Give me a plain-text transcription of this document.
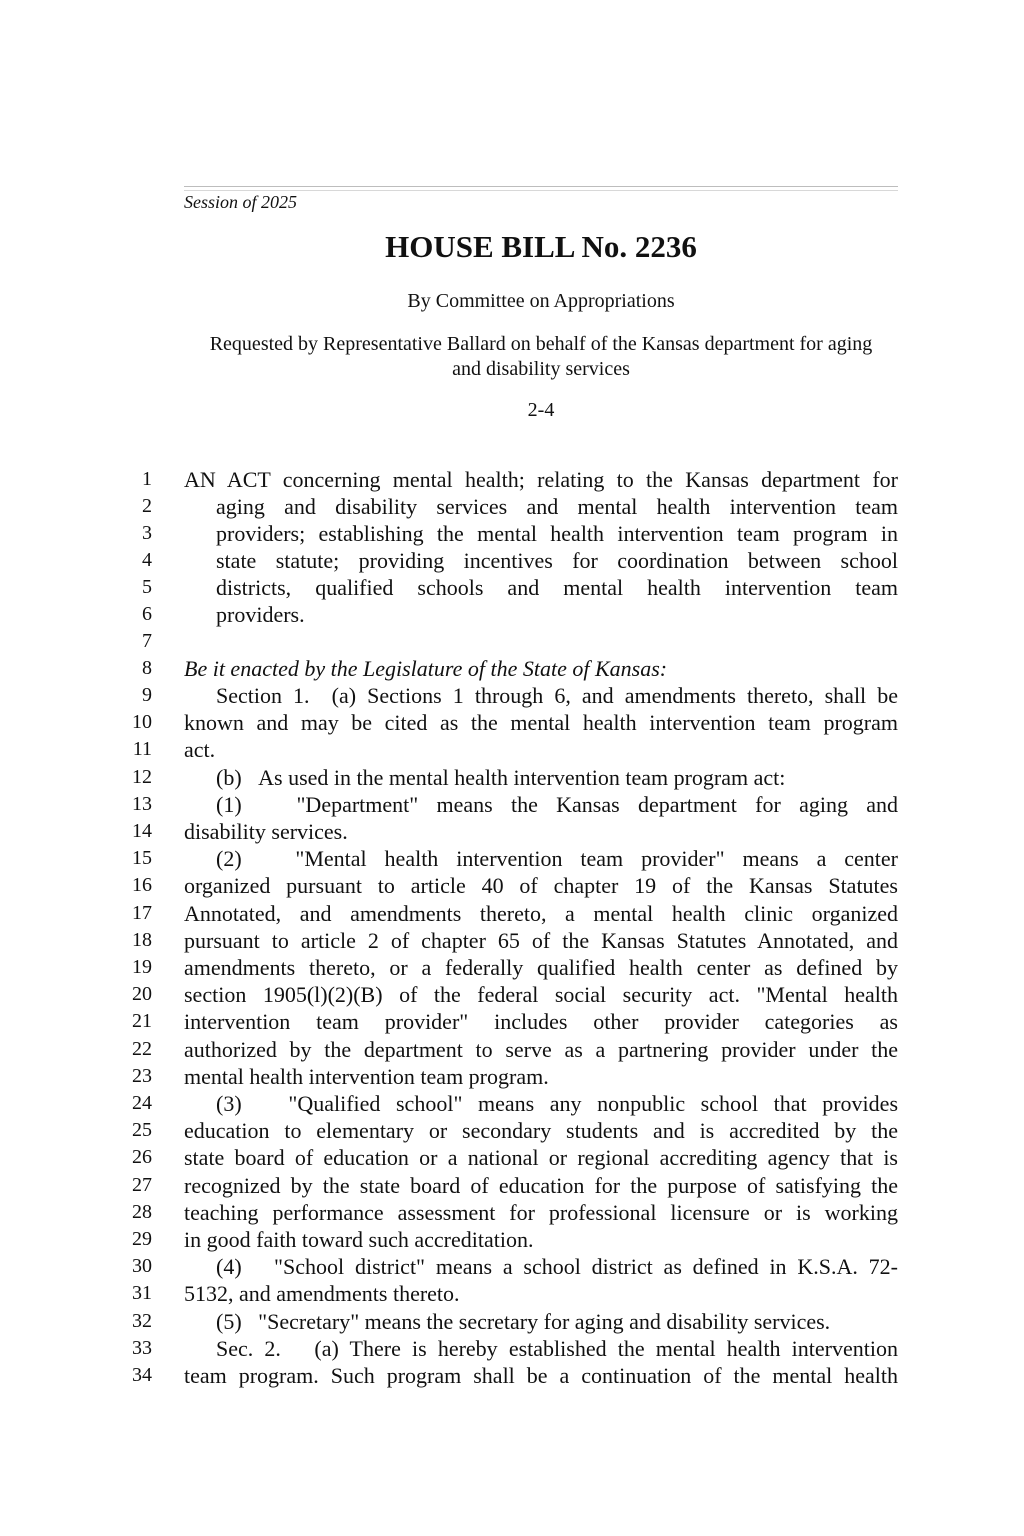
Session of 2025
HOUSE BILL No. 2236
By Committee on Appropriations
Requested by Representative Ballard on behalf of the Kansas department for aging
and disability services
2-4
1
2
3
4
5
6
7
8
9
10
11
12
13
14
15
16
17
18
19
20
21
22
23
24
25
26
27
28
29
30
31
32
33
34
AN ACT concerning mental health; relating to the Kansas department for
aging and disability services and mental health intervention team
providers; establishing the mental health intervention team program in
state statute; providing incentives for coordination between school
districts, qualified schools and mental health intervention team
providers.
Be it enacted by the Legislature of the State of Kansas:
Section 1.  (a) Sections 1 through 6, and amendments thereto, shall be
known and may be cited as the mental health intervention team program
act.
(b)   As used in the mental health intervention team program act:
(1)   "Department" means the Kansas department for aging and
disability services.
(2)   "Mental health intervention team provider" means a center
organized pursuant to article 40 of chapter 19 of the Kansas Statutes
Annotated, and amendments thereto, a mental health clinic organized
pursuant to article 2 of chapter 65 of the Kansas Statutes Annotated, and
amendments thereto, or a federally qualified health center as defined by
section 1905(l)(2)(B) of the federal social security act. "Mental health
intervention team provider" includes other provider categories as
authorized by the department to serve as a partnering provider under the
mental health intervention team program.
(3)   "Qualified school" means any nonpublic school that provides
education to elementary or secondary students and is accredited by the
state board of education or a national or regional accrediting agency that is
recognized by the state board of education for the purpose of satisfying the
teaching performance assessment for professional licensure or is working
in good faith toward such accreditation.
(4)   "School district" means a school district as defined in K.S.A. 72-
5132, and amendments thereto.
(5)   "Secretary" means the secretary for aging and disability services.
Sec. 2.   (a) There is hereby established the mental health intervention
team program. Such program shall be a continuation of the mental health
